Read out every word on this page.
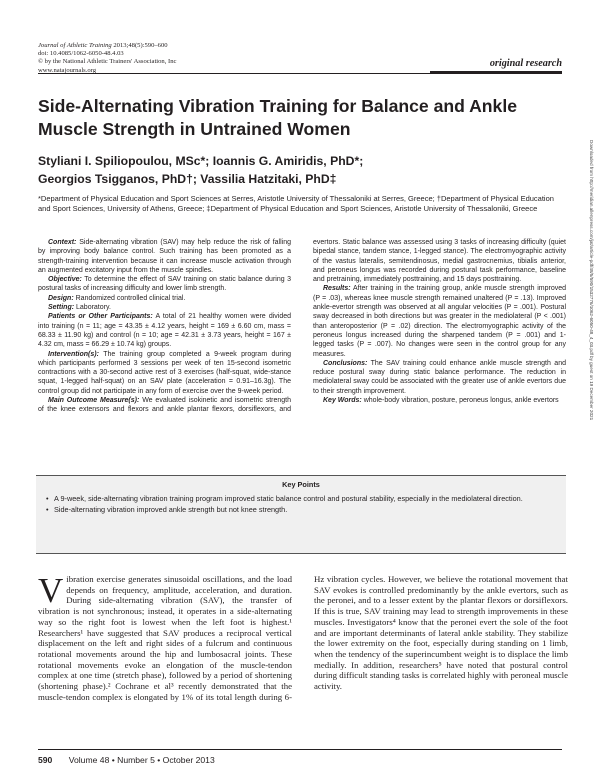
Journal of Athletic Training 2013;48(5):590–600
doi: 10.4085/1062-6050-48.4.03
© by the National Athletic Trainers' Association, Inc
www.natajournals.org
original research
Side-Alternating Vibration Training for Balance and Ankle Muscle Strength in Untrained Women
Styliani I. Spiliopoulou, MSc*; Ioannis G. Amiridis, PhD*;
Georgios Tsigganos, PhD†; Vassilia Hatzitaki, PhD‡
*Department of Physical Education and Sport Sciences at Serres, Aristotle University of Thessaloniki at Serres, Greece; †Department of Physical Education and Sport Sciences, University of Athens, Greece; ‡Department of Physical Education and Sport Sciences, Aristotle University of Thessaloniki, Greece

Context: Side-alternating vibration (SAV) may help reduce the risk of falling by improving body balance control. Such training has been promoted as a strength-training intervention because it can increase muscle activation through an augmented excitatory input from the muscle spindles.

Objective: To determine the effect of SAV training on static balance during 3 postural tasks of increasing difficulty and lower limb strength.

Design: Randomized controlled clinical trial.

Setting: Laboratory.

Patients or Other Participants: A total of 21 healthy women were divided into training (n = 11; age = 43.35 ± 4.12 years, height = 169 ± 6.60 cm, mass = 68.33 ± 11.90 kg) and control (n = 10; age = 42.31 ± 3.73 years, height = 167 ± 4.32 cm, mass = 66.29 ± 10.74 kg) groups.

Intervention(s): The training group completed a 9-week program during which participants performed 3 sessions per week of ten 15-second isometric contractions with a 30-second active rest of 3 exercises (half-squat, wide-stance squat, 1-legged half-squat) on an SAV plate (acceleration = 0.91–16.3g). The control group did not participate in any form of exercise over the 9-week period.

Main Outcome Measure(s): We evaluated isokinetic and isometric strength of the knee extensors and flexors and ankle plantar flexors, dorsiflexors, and evertors. Static balance was assessed using 3 tasks of increasing difficulty (quiet bipedal stance, tandem stance, 1-legged stance). The electromyographic activity of the vastus lateralis, semitendinosus, medial gastrocnemius, tibialis anterior, and peroneus longus was recorded during postural task performance, baseline and pretraining, immediately posttraining, and 15 days posttraining.

Results: After training in the training group, ankle muscle strength improved (P = .03), whereas knee muscle strength remained unaltered (P = .13). Improved ankle-evertor strength was observed at all angular velocities (P = .001). Postural sway decreased in both directions but was greater in the mediolateral (P < .001) than anteroposterior (P = .02) direction. The electromyographic activity of the peroneus longus increased during the sharpened tandem (P = .001) and 1-legged tasks (P = .007). No changes were seen in the control group for any measures.

Conclusions: The SAV training could enhance ankle muscle strength and reduce postural sway during static balance performance. The reduction in mediolateral sway could be associated with the greater use of ankle evertors due to their strength improvement.

Key Words: whole-body vibration, posture, peroneus longus, ankle evertors

Key Points
• A 9-week, side-alternating vibration training program improved static balance control and postural stability, especially in the mediolateral direction.
• Side-alternating vibration improved ankle strength but not knee strength.

Vibration exercise generates sinusoidal oscillations, and the load depends on frequency, amplitude, acceleration, and duration. During side-alternating vibration (SAV), the transfer of vibration is not synchronous; instead, it operates in a side-alternating way so the right foot is lowest when the left foot is highest.¹ Researchers¹ have suggested that SAV produces a reciprocal vertical displacement on the left and right sides of a fulcrum and continuous rotational movements around the hip and lumbosacral joints. These rotational movements evoke an elongation of the muscle-tendon complex at one time (stretch phase), followed by a period of shortening (shortening phase).² Cochrane et al³ recently demonstrated that the muscle-tendon complex is elongated by 1% of its total length during 6-Hz vibration cycles. However, we believe the rotational movement that SAV evokes is controlled predominantly by the ankle evertors, such as the peronei, and to a lesser extent by the plantar flexors or dorsiflexors. If this is true, SAV training may lead to strength improvements in these muscles. Investigators⁴ know that the peronei evert the sole of the foot and are important determinants of lateral ankle stability. They stabilize the lower extremity on the foot, especially during standing on 1 limb, when the tendency of the superincumbent weight is to displace the limb medially. In addition, researchers⁵ have noted that postural control during difficult standing tasks is correlated highly with peroneal muscle activity.

590 Volume 48 • Number 5 • October 2013
Downloaded from http://meridian.allenpress.com/jat/article-pdf/48/5/590/1532776/1062-6050-48_4_03.pdf by guest on 19 December 2021
